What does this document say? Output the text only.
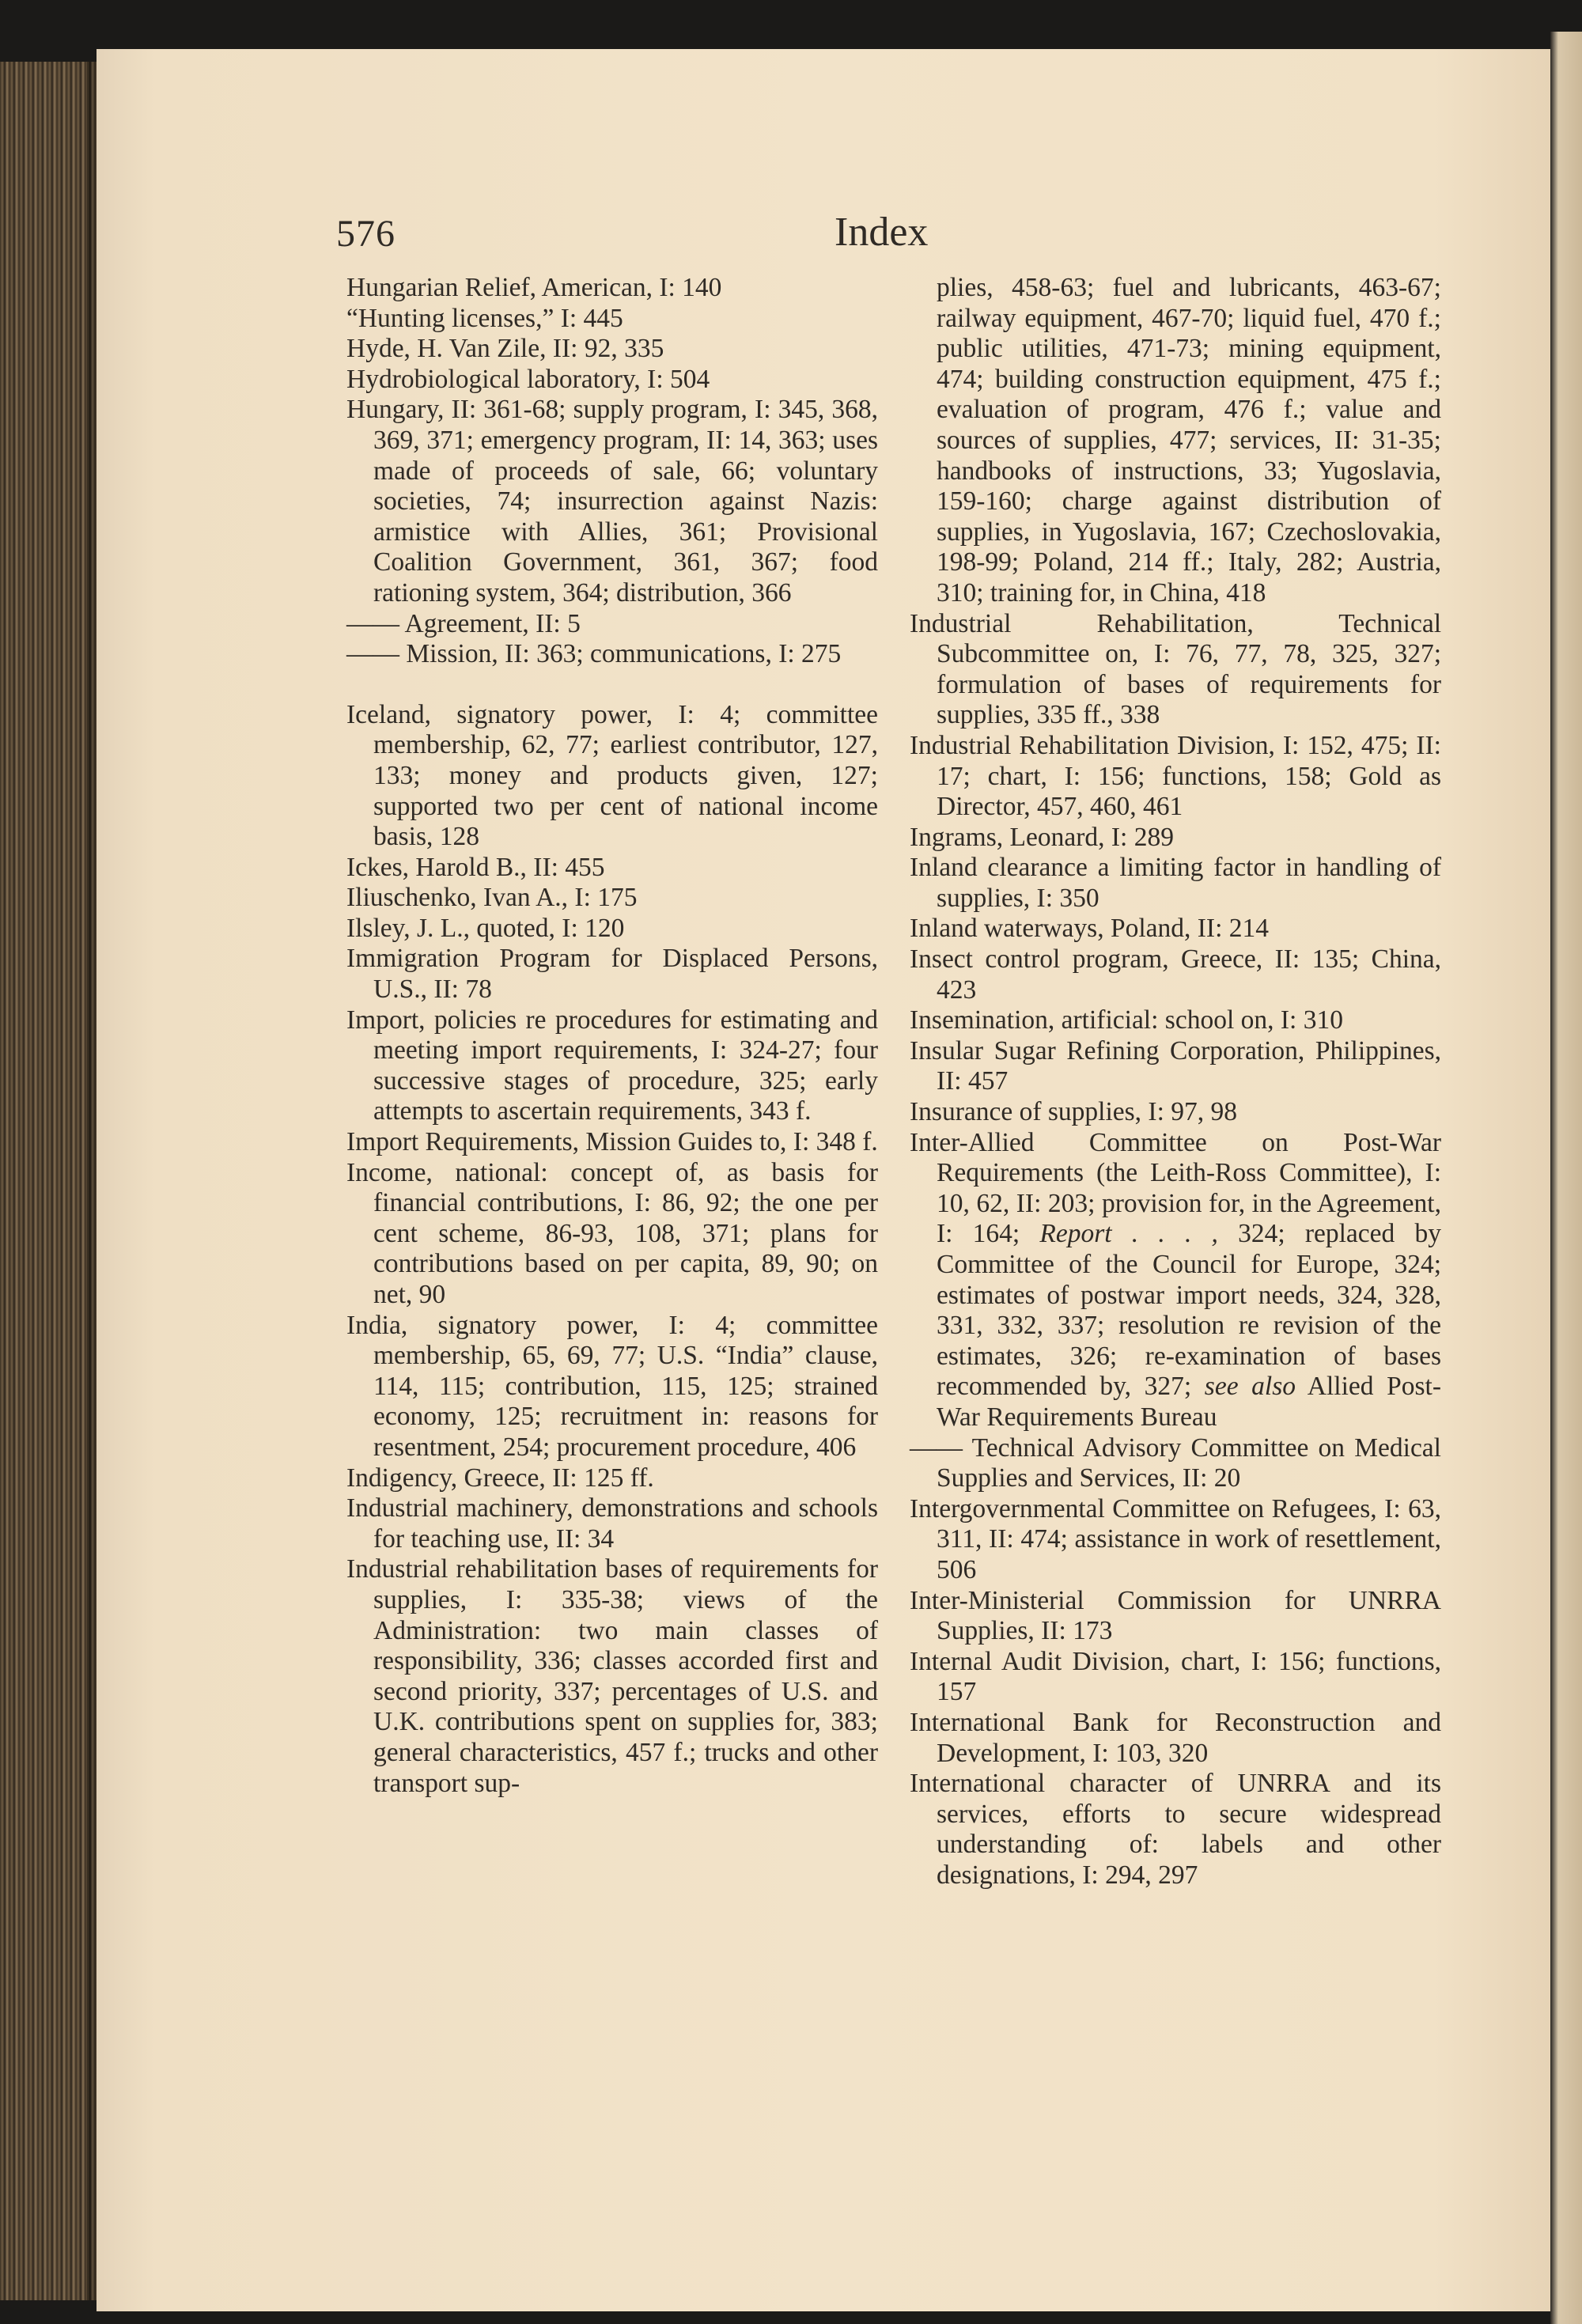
576	Index

Hungarian Relief, American, I: 140

“Hunting licenses,” I: 445

Hyde, H. Van Zile, II: 92, 335

Hydrobiological laboratory, I: 504

Hungary, II: 361-68; supply program, I: 345, 368, 369, 371; emergency program, II: 14, 363; uses made of proceeds of sale, 66; voluntary societies, 74; insurrection against Nazis: armistice with Allies, 361; Provisional Coalition Government, 361, 367; food rationing system, 364; distribution, 366

—— Agreement, II: 5

—— Mission, II: 363; communications, I: 275

Iceland, signatory power, I: 4; committee membership, 62, 77; earliest contributor, 127, 133; money and products given, 127; supported two per cent of national income basis, 128

Ickes, Harold B., II: 455

Iliuschenko, Ivan A., I: 175

Ilsley, J. L., quoted, I: 120

Immigration Program for Displaced Persons, U.S., II: 78

Import, policies re procedures for estimating and meeting import requirements, I: 324-27; four successive stages of procedure, 325; early attempts to ascertain requirements, 343 f.

Import Requirements, Mission Guides to, I: 348 f.

Income, national: concept of, as basis for financial contributions, I: 86, 92; the one per cent scheme, 86-93, 108, 371; plans for contributions based on per capita, 89, 90; on net, 90

India, signatory power, I: 4; committee membership, 65, 69, 77; U.S. “India” clause, 114, 115; contribution, 115, 125; strained economy, 125; recruitment in: reasons for resentment, 254; procurement procedure, 406

Indigency, Greece, II: 125 ff.

Industrial machinery, demonstrations and schools for teaching use, II: 34

Industrial rehabilitation bases of requirements for supplies, I: 335-38; views of the Administration: two main classes of responsibility, 336; classes accorded first and second priority, 337; percentages of U.S. and U.K. contributions spent on supplies for, 383; general characteristics, 457 f.; trucks and other transport sup-

plies, 458-63; fuel and lubricants, 463-67; railway equipment, 467-70; liquid fuel, 470 f.; public utilities, 471-73; mining equipment, 474; building construction equipment, 475 f.; evaluation of program, 476 f.; value and sources of supplies, 477; services, II: 31-35; handbooks of instructions, 33; Yugoslavia, 159-160; charge against distribution of supplies, in Yugoslavia, 167; Czechoslovakia, 198-99; Poland, 214 ff.; Italy, 282; Austria, 310; training for, in China, 418

Industrial Rehabilitation, Technical Subcommittee on, I: 76, 77, 78, 325, 327; formulation of bases of requirements for supplies, 335 ff., 338

Industrial Rehabilitation Division, I: 152, 475; II: 17; chart, I: 156; functions, 158; Gold as Director, 457, 460, 461

Ingrams, Leonard, I: 289

Inland clearance a limiting factor in handling of supplies, I: 350

Inland waterways, Poland, II: 214

Insect control program, Greece, II: 135; China, 423

Insemination, artificial: school on, I: 310

Insular Sugar Refining Corporation, Philippines, II: 457

Insurance of supplies, I: 97, 98

Inter-Allied Committee on Post-War Requirements (the Leith-Ross Committee), I: 10, 62, II: 203; provision for, in the Agreement, I: 164; Report . . . , 324; replaced by Committee of the Council for Europe, 324; estimates of postwar import needs, 324, 328, 331, 332, 337; resolution re revision of the estimates, 326; re-examination of bases recommended by, 327; see also Allied Post-War Requirements Bureau

—— Technical Advisory Committee on Medical Supplies and Services, II: 20

Intergovernmental Committee on Refugees, I: 63, 311, II: 474; assistance in work of resettlement, 506

Inter-Ministerial Commission for UNRRA Supplies, II: 173

Internal Audit Division, chart, I: 156; functions, 157

International Bank for Reconstruction and Development, I: 103, 320

International character of UNRRA and its services, efforts to secure widespread understanding of: labels and other designations, I: 294, 297
